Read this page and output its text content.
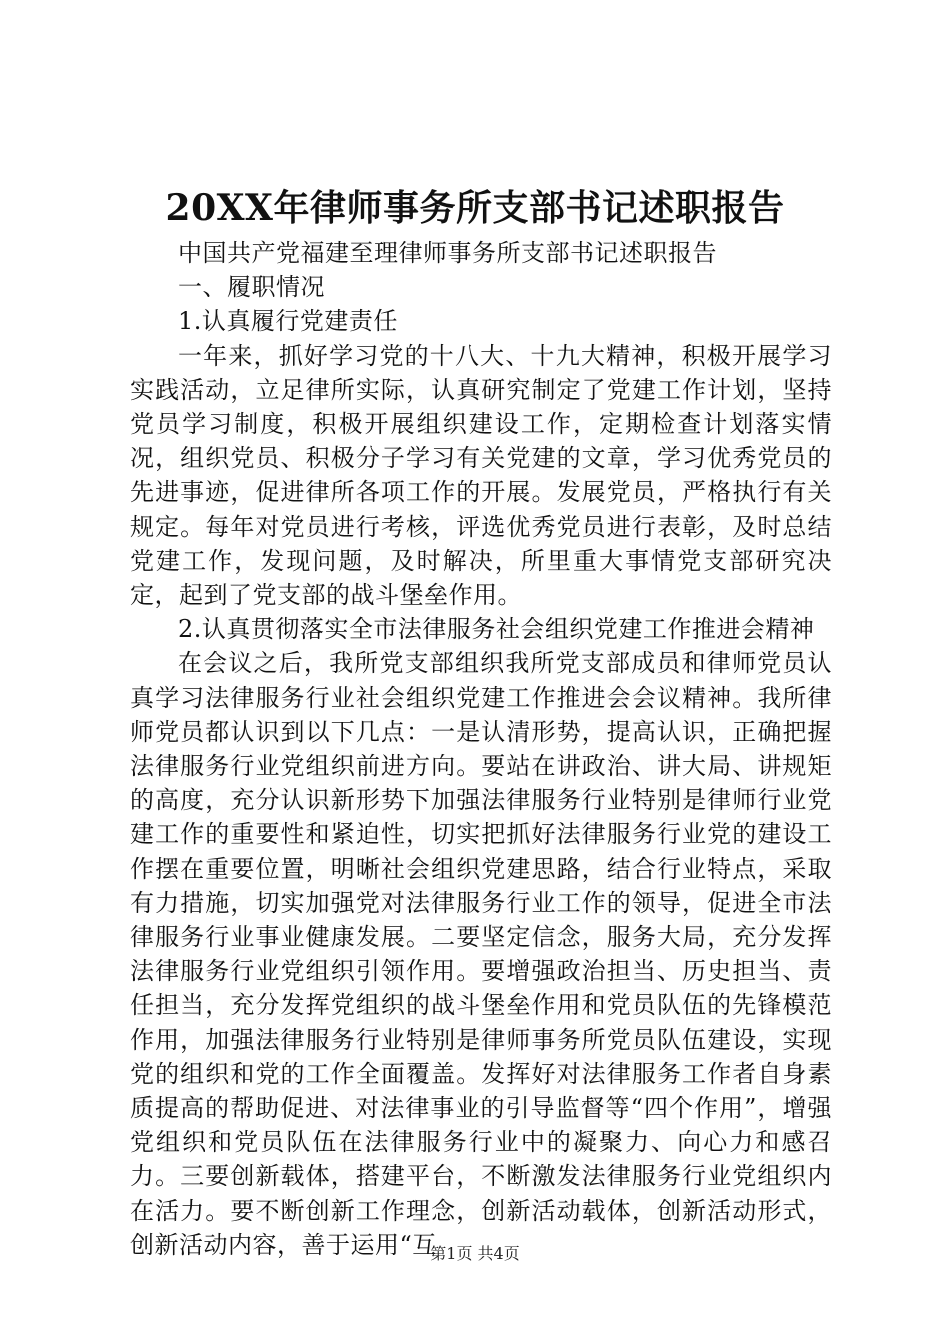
20XX年律师事务所支部书记述职报告

中国共产党福建至理律师事务所支部书记述职报告

一、履职情况

1.认真履行党建责任

一年来，抓好学习党的十八大、十九大精神，积极开展学习实践活动，立足律所实际，认真研究制定了党建工作计划，坚持党员学习制度，积极开展组织建设工作，定期检查计划落实情况，组织党员、积极分子学习有关党建的文章，学习优秀党员的先进事迹，促进律所各项工作的开展。发展党员，严格执行有关规定。每年对党员进行考核，评选优秀党员进行表彰，及时总结党建工作，发现问题，及时解决，所里重大事情党支部研究决定，起到了党支部的战斗堡垒作用。

2.认真贯彻落实全市法律服务社会组织党建工作推进会精神

在会议之后，我所党支部组织我所党支部成员和律师党员认真学习法律服务行业社会组织党建工作推进会会议精神。我所律师党员都认识到以下几点：一是认清形势，提高认识，正确把握法律服务行业党组织前进方向。要站在讲政治、讲大局、讲规矩的高度，充分认识新形势下加强法律服务行业特别是律师行业党建工作的重要性和紧迫性，切实把抓好法律服务行业党的建设工作摆在重要位置，明晰社会组织党建思路，结合行业特点，采取有力措施，切实加强党对法律服务行业工作的领导，促进全市法律服务行业事业健康发展。二要坚定信念，服务大局，充分发挥法律服务行业党组织引领作用。要增强政治担当、历史担当、责任担当，充分发挥党组织的战斗堡垒作用和党员队伍的先锋模范作用，加强法律服务行业特别是律师事务所党员队伍建设，实现党的组织和党的工作全面覆盖。发挥好对法律服务工作者自身素质提高的帮助促进、对法律事业的引导监督等“四个作用”，增强党组织和党员队伍在法律服务行业中的凝聚力、向心力和感召力。三要创新载体，搭建平台，不断激发法律服务行业党组织内在活力。要不断创新工作理念，创新活动载体，创新活动形式，创新活动内容，善于运用“互

第1页 共4页
